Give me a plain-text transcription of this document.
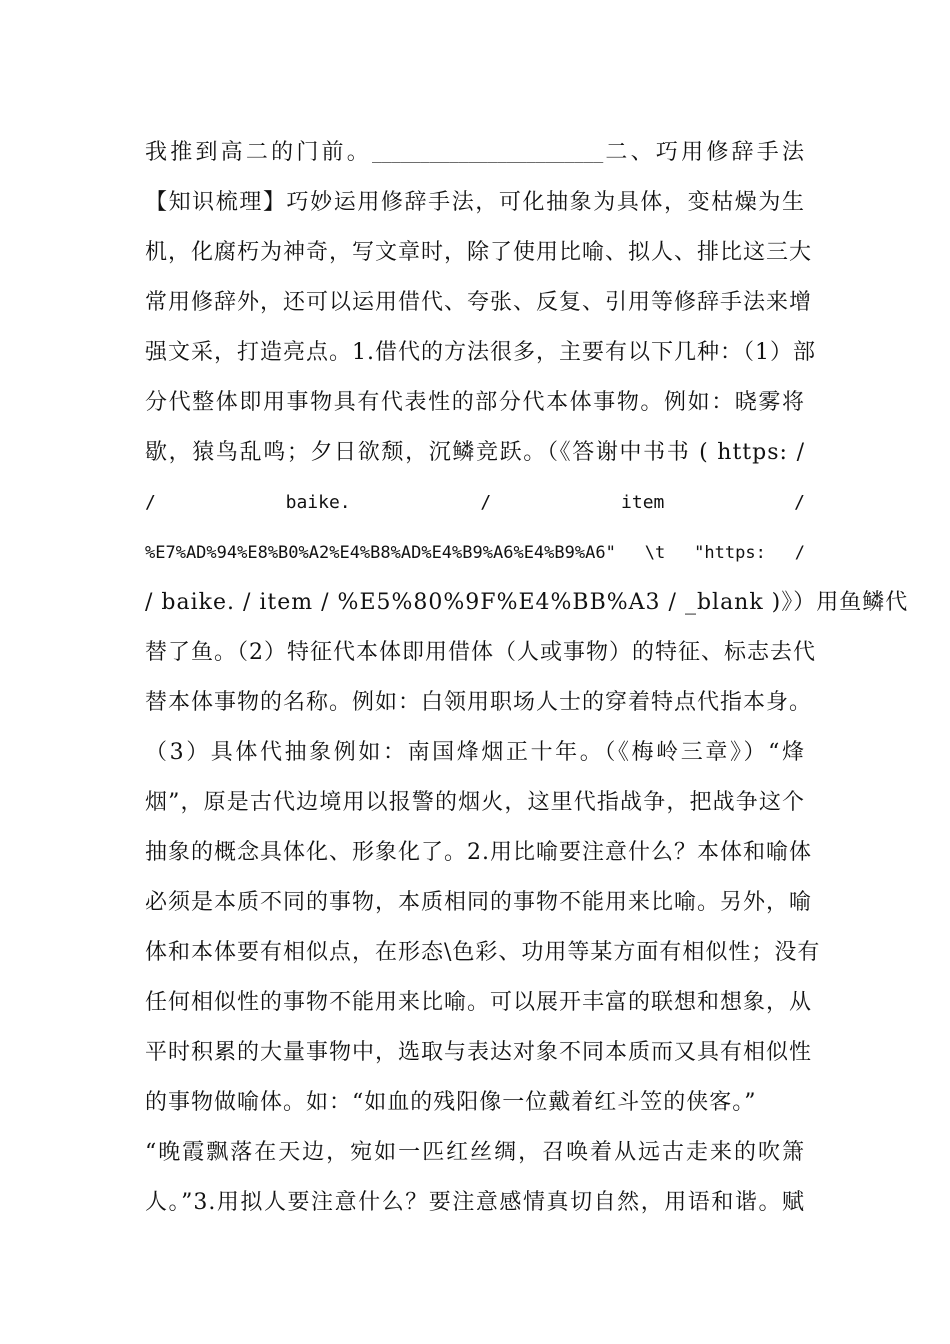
我推到高二的门前。________________________二、巧用修辞手法
【知识梳理】巧妙运用修辞手法，可化抽象为具体，变枯燥为生
机，化腐朽为神奇，写文章时，除了使用比喻、拟人、排比这三大
常用修辞外，还可以运用借代、夸张、反复、引用等修辞手法来增
强文采，打造亮点。1.借代的方法很多，主要有以下几种：（1）部
分代整体即用事物具有代表性的部分代本体事物。例如：晓雾将
歇，猿鸟乱鸣；夕日欲颓，沉鳞竞跃。（《答谢中书书 ( https: /
/	baike.	/	item	/
%E7%AD%94%E8%B0%A2%E4%B8%AD%E4%B9%A6%E4%B9%A6" \t "https: /
/ baike. / item / %E5%80%9F%E4%BB%A3 / _blank )》）用鱼鳞代
替了鱼。（2）特征代本体即用借体（人或事物）的特征、标志去代
替本体事物的名称。例如：白领用职场人士的穿着特点代指本身。
（3）具体代抽象例如：南国烽烟正十年。（《梅岭三章》）“烽
烟”，原是古代边境用以报警的烟火，这里代指战争，把战争这个
抽象的概念具体化、形象化了。2.用比喻要注意什么？本体和喻体
必须是本质不同的事物，本质相同的事物不能用来比喻。另外，喻
体和本体要有相似点，在形态\色彩、功用等某方面有相似性；没有
任何相似性的事物不能用来比喻。可以展开丰富的联想和想象，从
平时积累的大量事物中，选取与表达对象不同本质而又具有相似性
的事物做喻体。如：“如血的残阳像一位戴着红斗笠的侠客。”
“晚霞飘落在天边，宛如一匹红丝绸，召唤着从远古走来的吹箫
人。”3.用拟人要注意什么？要注意感情真切自然，用语和谐。赋
